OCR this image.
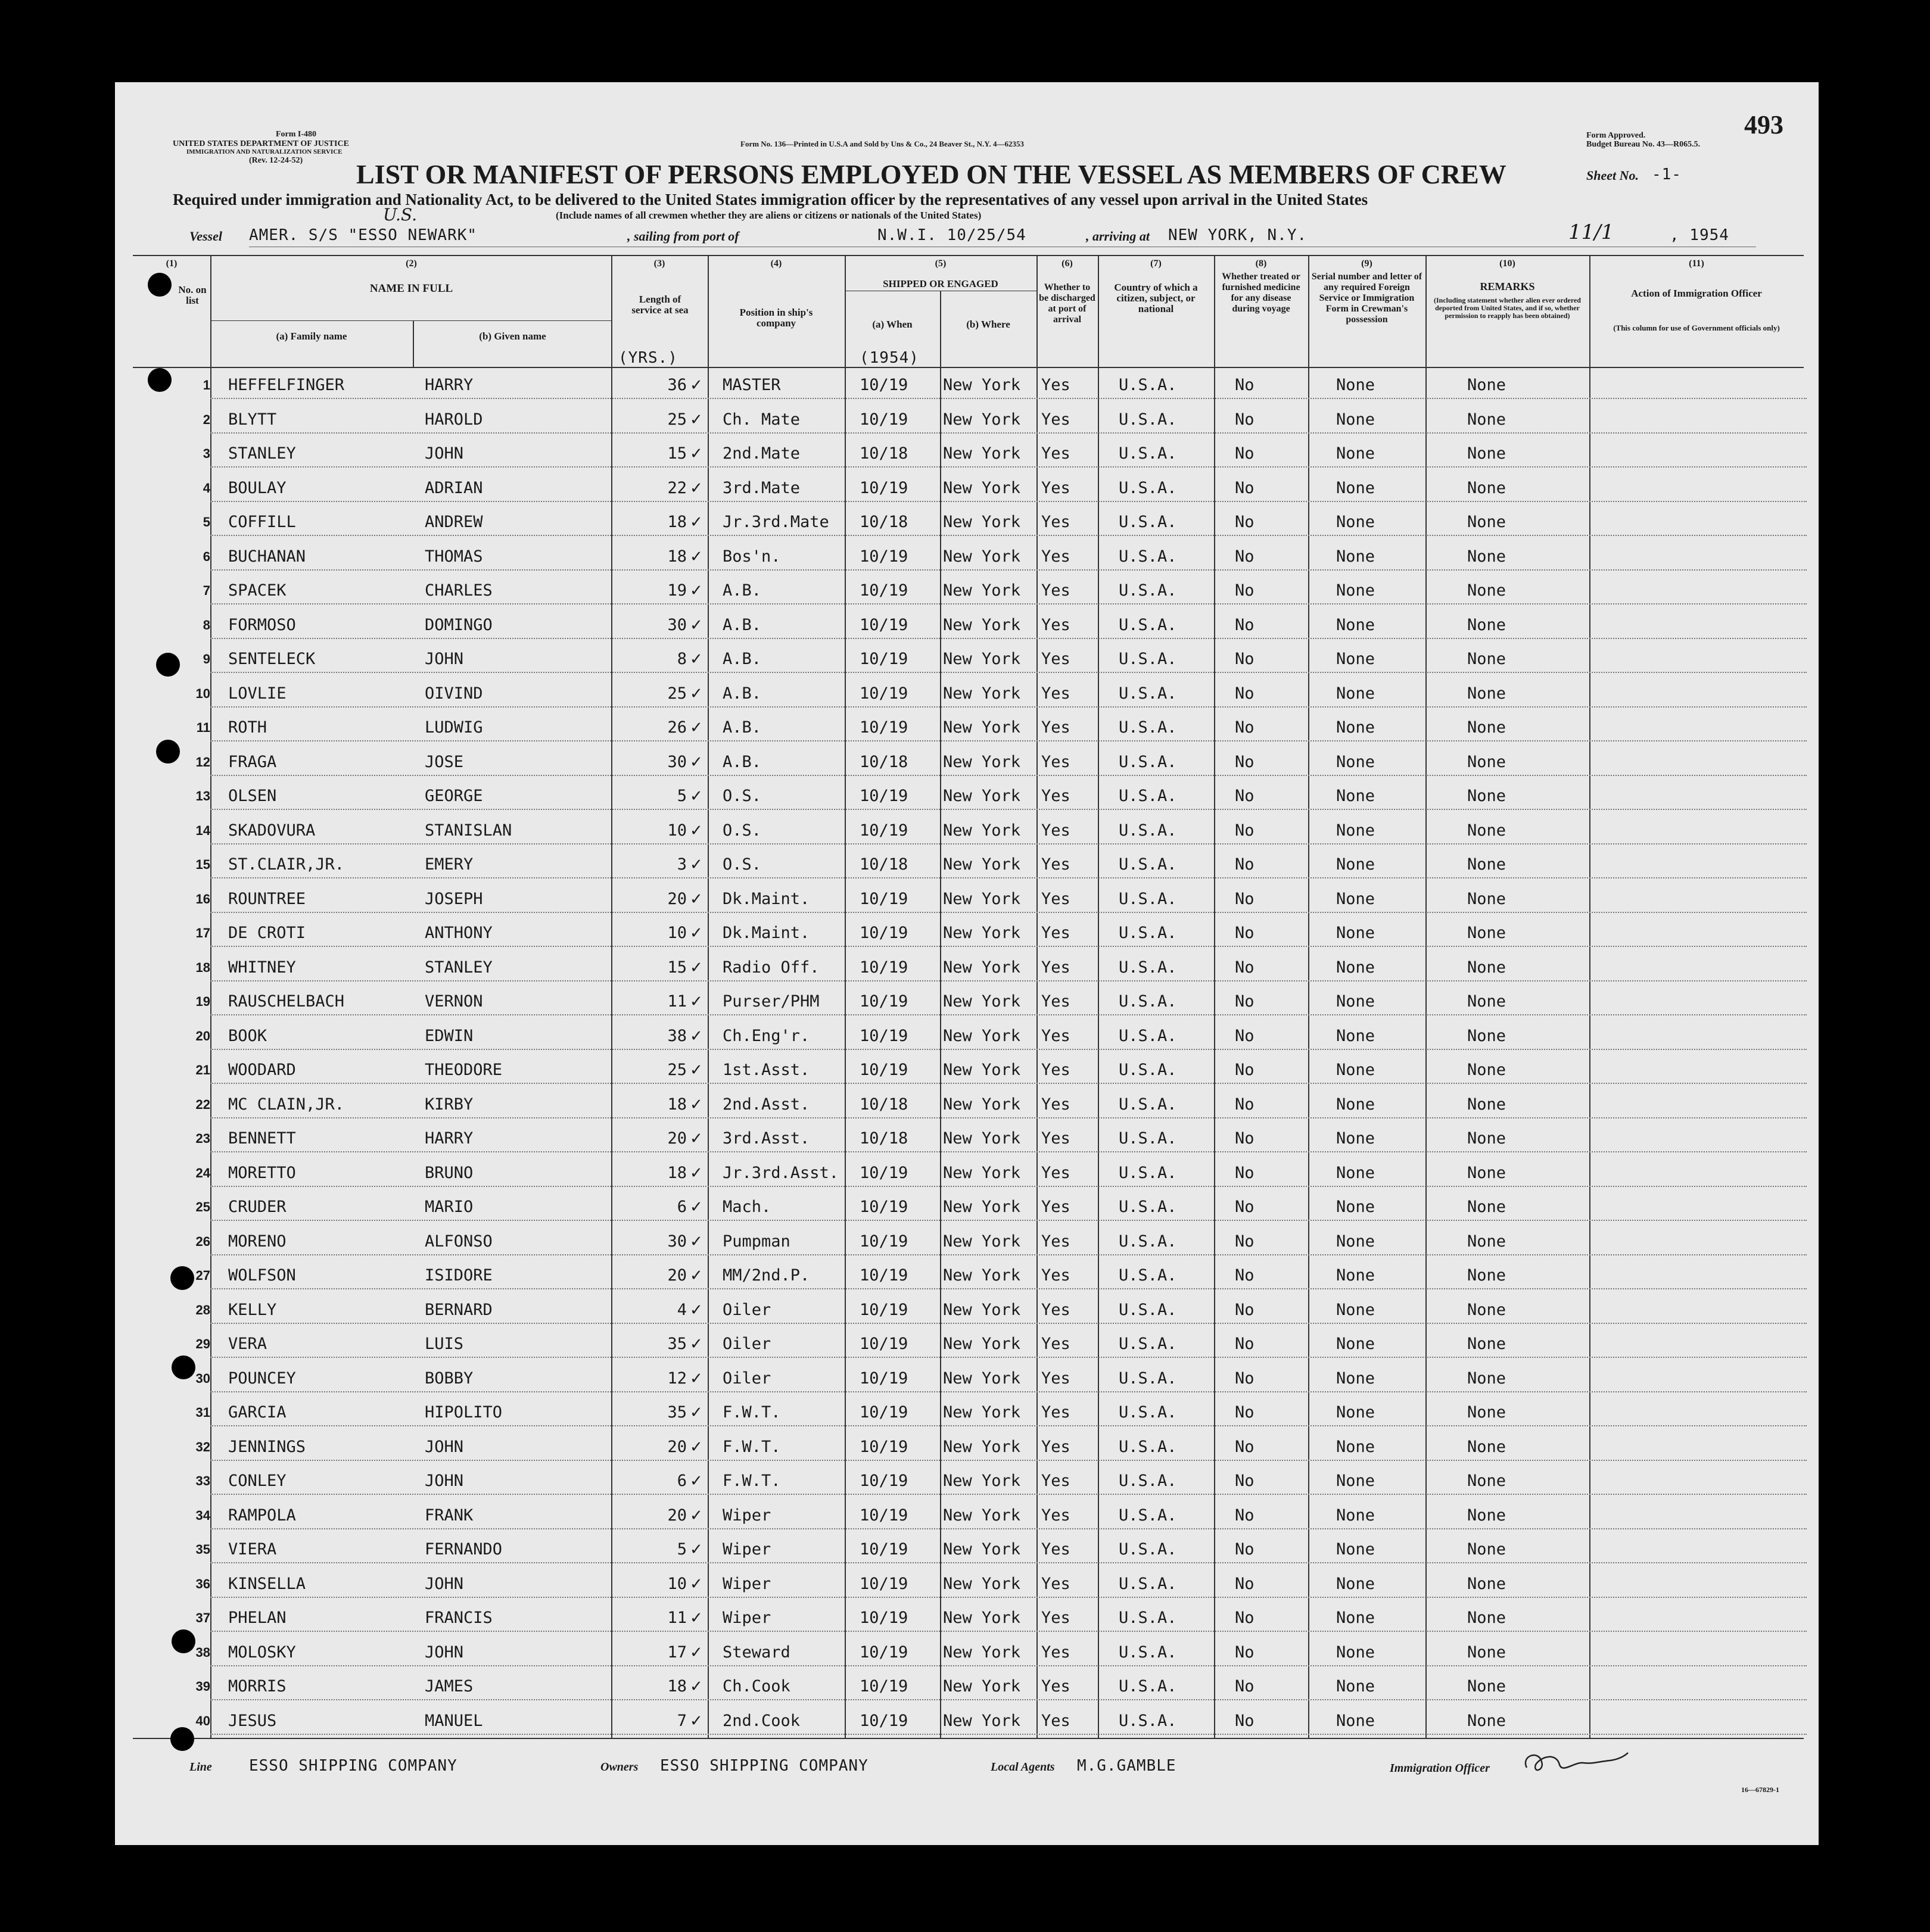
Form I-480
UNITED STATES DEPARTMENT OF JUSTICE
IMMIGRATION AND NATURALIZATION SERVICE
(Rev. 12-24-52)
Form No. 136—Printed in U.S.A and Sold by Uns & Co., 24 Beaver St., N.Y. 4—62353
Form Approved.
Budget Bureau No. 43—R065.5.
493
LIST OR MANIFEST OF PERSONS EMPLOYED ON THE VESSEL AS MEMBERS OF CREW	Sheet No. -1-
Required under immigration and Nationality Act, to be delivered to the United States immigration officer by the representatives of any vessel upon arrival in the United States
(Include names of all crewmen whether they are aliens or citizens or nationals of the United States)
Vessel AMER. S/S "ESSO NEWARK"
U.S.
, sailing from port of	N.W.I. 10/25/54	, arriving at NEW YORK, N.Y.	11/1	, 1954
(1)
No. on list
(2)
NAME IN FULL
(a) Family name	(b) Given name
(3)
Length of service at sea
(YRS.)
(4)
Position in ship's company
(5)
SHIPPED OR ENGAGED
(a) When	(b) Where
(1954)
(6)
Whether to be discharged at port of arrival
(7)
Country of which a citizen, subject, or national
(8)
Whether treated or furnished medicine for any disease during voyage
(9)
Serial number and letter of any required Foreign Service or Immigration Form in Crewman's possession
(10)
REMARKS
(Including statement whether alien ever ordered deported from United States, and if so, whether permission to reapply has been obtained)
(11)
Action of Immigration Officer
(This column for use of Government officials only)
1 HEFFELFINGER	HARRY	36 MASTER	10/19	New York	Yes	U.S.A.	No	None	None
✓
2 BLYTT	HAROLD	25 Ch. Mate	10/19	New York	Yes	U.S.A.	No	None	None
✓
3 STANLEY	JOHN	15 2nd.Mate	10/18	New York	Yes	U.S.A.	No	None	None
✓
4 BOULAY	ADRIAN	22 3rd.Mate	10/19	New York	Yes	U.S.A.	No	None	None
✓
5 COFFILL	ANDREW	18 Jr.3rd.Mate	10/18	New York	Yes	U.S.A.	No	None	None
✓
6 BUCHANAN	THOMAS	18 Bos'n.	10/19	New York	Yes	U.S.A.	No	None	None
✓
7 SPACEK	CHARLES	19 A.B.	10/19	New York	Yes	U.S.A.	No	None	None
✓
8 FORMOSO	DOMINGO	30 A.B.	10/19	New York	Yes	U.S.A.	No	None	None
✓
9 SENTELECK	JOHN	8 A.B.	10/19	New York	Yes	U.S.A.	No	None	None
✓
10 LOVLIE	OIVIND	25 A.B.	10/19	New York	Yes	U.S.A.	No	None	None
✓
11 ROTH	LUDWIG	26 A.B.	10/19	New York	Yes	U.S.A.	No	None	None
✓
12 FRAGA	JOSE	30 A.B.	10/18	New York	Yes	U.S.A.	No	None	None
✓
13 OLSEN	GEORGE	5 O.S.	10/19	New York	Yes	U.S.A.	No	None	None
✓
14 SKADOVURA	STANISLAN	10 O.S.	10/19	New York	Yes	U.S.A.	No	None	None
✓
15 ST.CLAIR,JR.	EMERY	3 O.S.	10/18	New York	Yes	U.S.A.	No	None	None
✓
16 ROUNTREE	JOSEPH	20 Dk.Maint.	10/19	New York	Yes	U.S.A.	No	None	None
✓
17 DE CROTI	ANTHONY	10 Dk.Maint.	10/19	New York	Yes	U.S.A.	No	None	None
✓
18 WHITNEY	STANLEY	15 Radio Off.	10/19	New York	Yes	U.S.A.	No	None	None
✓
19 RAUSCHELBACH	VERNON	11 Purser/PHM	10/19	New York	Yes	U.S.A.	No	None	None
✓
20 BOOK	EDWIN	38 Ch.Eng'r.	10/19	New York	Yes	U.S.A.	No	None	None
✓
21 WOODARD	THEODORE	25 1st.Asst.	10/19	New York	Yes	U.S.A.	No	None	None
✓
22 MC CLAIN,JR.	KIRBY	18 2nd.Asst.	10/18	New York	Yes	U.S.A.	No	None	None
✓
23 BENNETT	HARRY	20 3rd.Asst.	10/18	New York	Yes	U.S.A.	No	None	None
✓
24 MORETTO	BRUNO	18 Jr.3rd.Asst.	10/19	New York	Yes	U.S.A.	No	None	None
✓
25 CRUDER	MARIO	6 Mach.	10/19	New York	Yes	U.S.A.	No	None	None
✓
26 MORENO	ALFONSO	30 Pumpman	10/19	New York	Yes	U.S.A.	No	None	None
✓
27 WOLFSON	ISIDORE	20 MM/2nd.P.	10/19	New York	Yes	U.S.A.	No	None	None
✓
28 KELLY	BERNARD	4 Oiler	10/19	New York	Yes	U.S.A.	No	None	None
✓
29 VERA	LUIS	35 Oiler	10/19	New York	Yes	U.S.A.	No	None	None
✓
30 POUNCEY	BOBBY	12 Oiler	10/19	New York	Yes	U.S.A.	No	None	None
✓
31 GARCIA	HIPOLITO	35 F.W.T.	10/19	New York	Yes	U.S.A.	No	None	None
✓
32 JENNINGS	JOHN	20 F.W.T.	10/19	New York	Yes	U.S.A.	No	None	None
✓
33 CONLEY	JOHN	6 F.W.T.	10/19	New York	Yes	U.S.A.	No	None	None
✓
34 RAMPOLA	FRANK	20 Wiper	10/19	New York	Yes	U.S.A.	No	None	None
✓
35 VIERA	FERNANDO	5 Wiper	10/19	New York	Yes	U.S.A.	No	None	None
✓
36 KINSELLA	JOHN	10 Wiper	10/19	New York	Yes	U.S.A.	No	None	None
✓
37 PHELAN	FRANCIS	11 Wiper	10/19	New York	Yes	U.S.A.	No	None	None
✓
38 MOLOSKY	JOHN	17 Steward	10/19	New York	Yes	U.S.A.	No	None	None
✓
39 MORRIS	JAMES	18 Ch.Cook	10/19	New York	Yes	U.S.A.	No	None	None
✓
40 JESUS	MANUEL	7 2nd.Cook	10/19	New York	Yes	U.S.A.	No	None	None
✓
Line ESSO SHIPPING COMPANY	Owners ESSO SHIPPING COMPANY	Local Agents M.G.GAMBLE	Immigration Officer
16—67829-1
